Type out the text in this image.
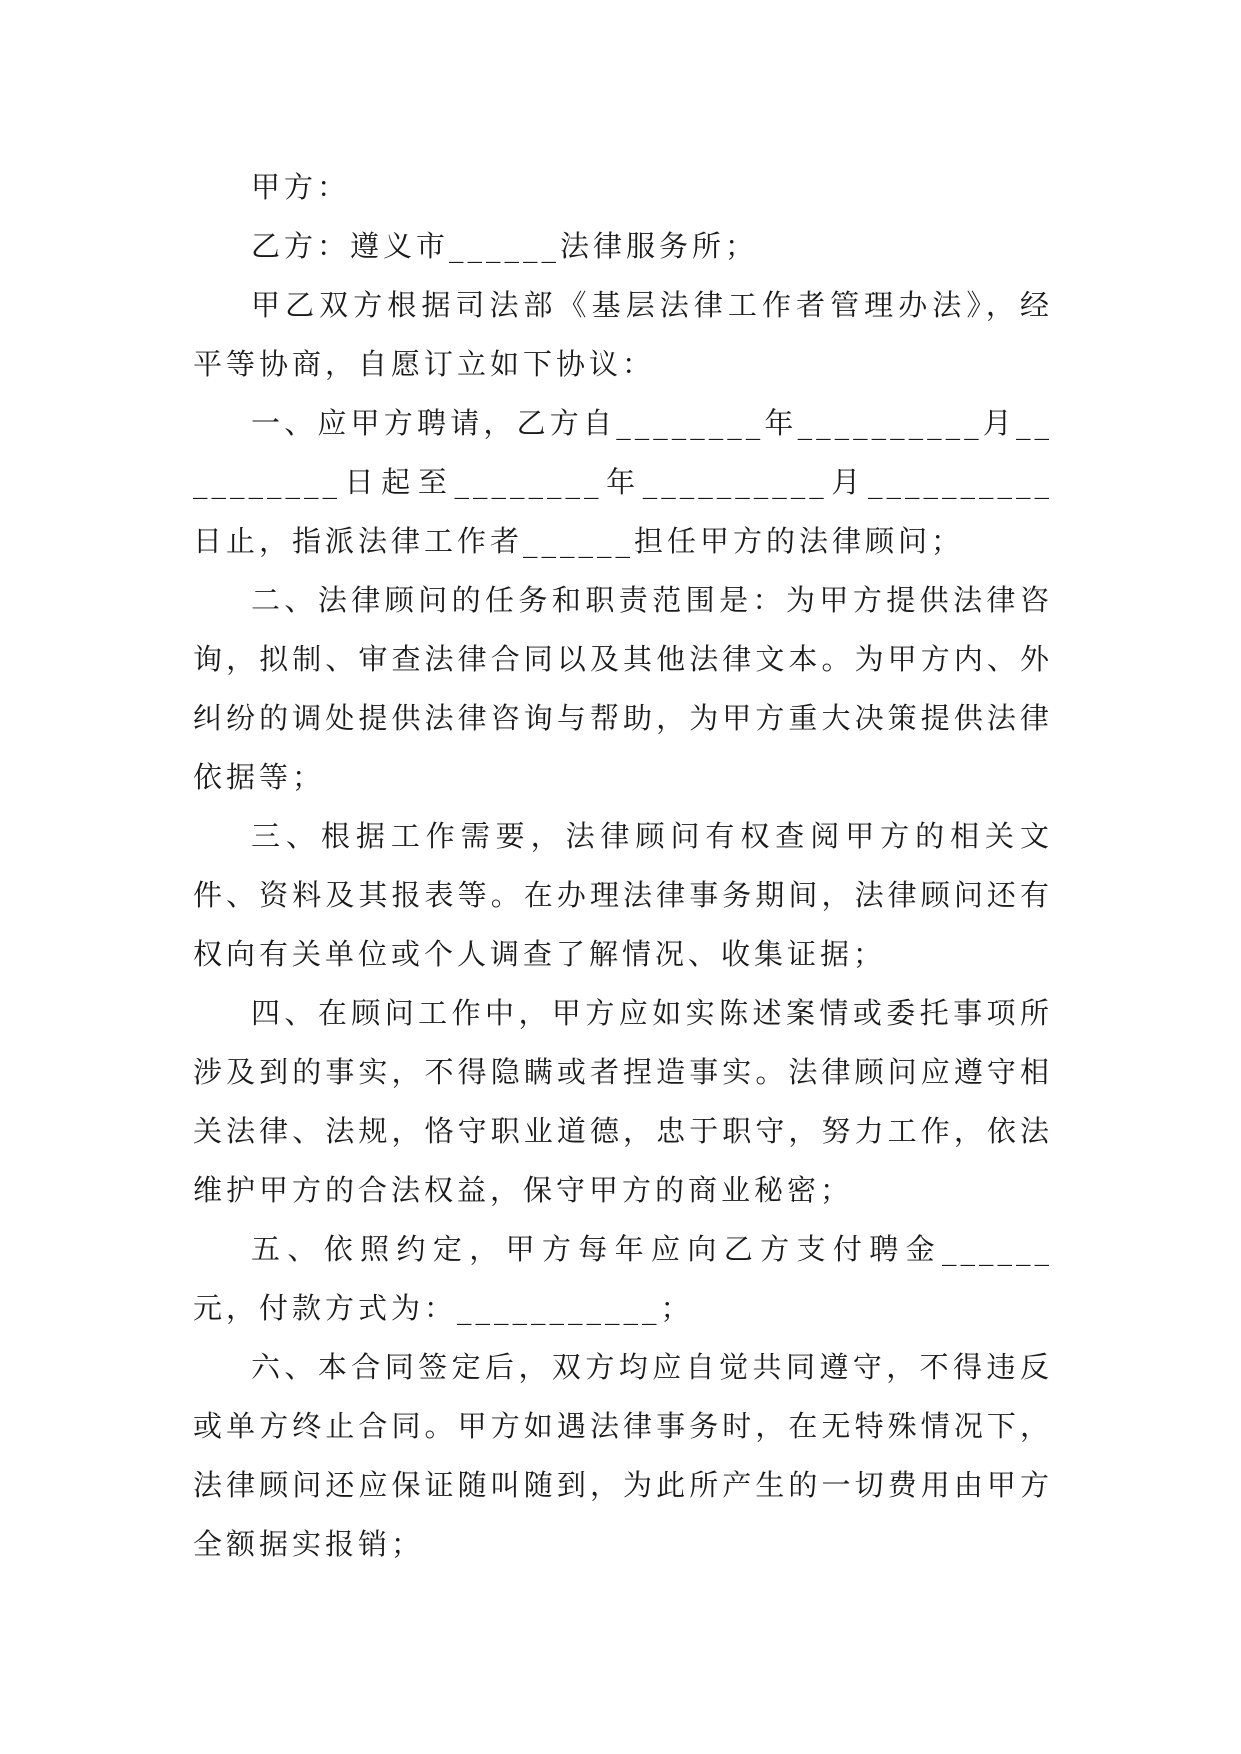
甲方：

乙方：遵义市______法律服务所；

甲乙双方根据司法部《基层法律工作者管理办法》，经平等协商，自愿订立如下协议：

一、应甲方聘请，乙方自________年__________月__________日起至________年__________月__________日止，指派法律工作者______担任甲方的法律顾问；

二、法律顾问的任务和职责范围是：为甲方提供法律咨询，拟制、审查法律合同以及其他法律文本。为甲方内、外纠纷的调处提供法律咨询与帮助，为甲方重大决策提供法律依据等；

三、根据工作需要，法律顾问有权查阅甲方的相关文件、资料及其报表等。在办理法律事务期间，法律顾问还有权向有关单位或个人调查了解情况、收集证据；

四、在顾问工作中，甲方应如实陈述案情或委托事项所涉及到的事实，不得隐瞒或者捏造事实。法律顾问应遵守相关法律、法规，恪守职业道德，忠于职守，努力工作，依法维护甲方的合法权益，保守甲方的商业秘密；

五、依照约定，甲方每年应向乙方支付聘金______元，付款方式为：___________；

六、本合同签定后，双方均应自觉共同遵守，不得违反或单方终止合同。甲方如遇法律事务时，在无特殊情况下，法律顾问还应保证随叫随到，为此所产生的一切费用由甲方全额据实报销；
